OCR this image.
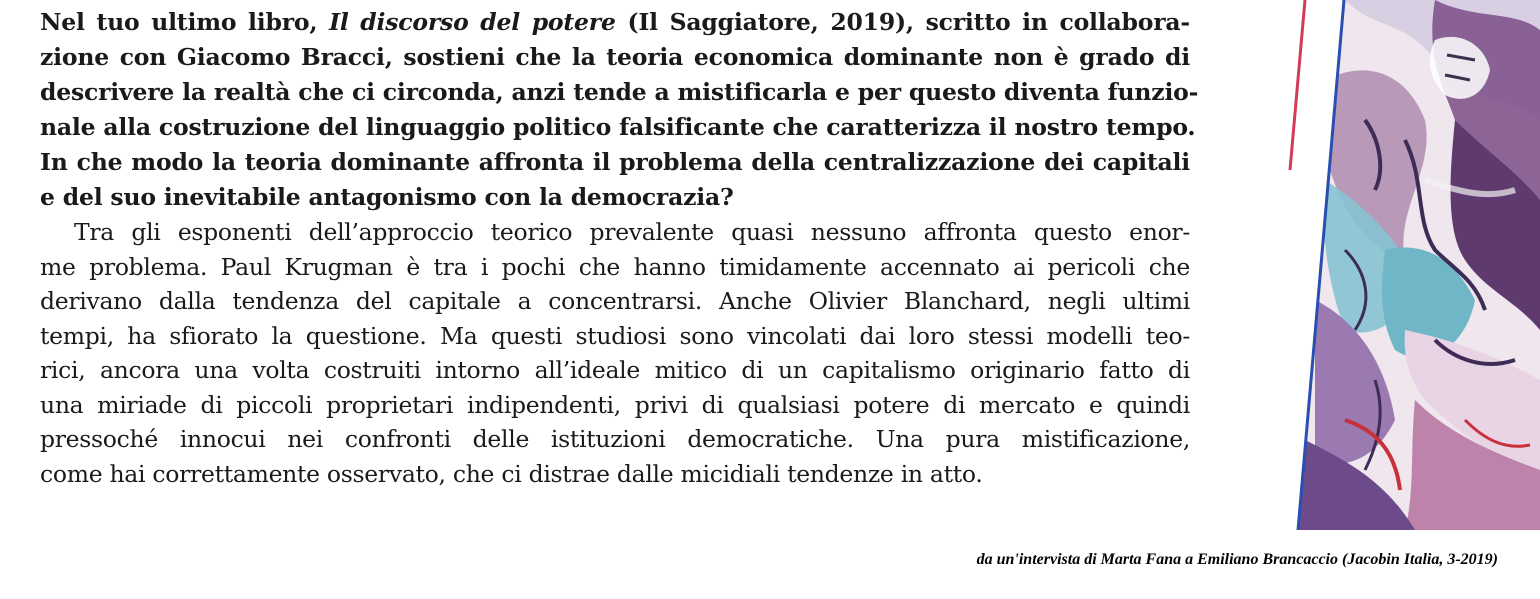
Nel tuo ultimo libro, Il discorso del potere (Il Saggiatore, 2019), scritto in collabora-
zione con Giacomo Bracci, sostieni che la teoria economica dominante non è grado di
descrivere la realtà che ci circonda, anzi tende a mistificarla e per questo diventa funzio-
nale alla costruzione del linguaggio politico falsificante che caratterizza il nostro tempo.
In che modo la teoria dominante affronta il problema della centralizzazione dei capitali
e del suo inevitabile antagonismo con la democrazia?

Tra gli esponenti dell’approccio teorico prevalente quasi nessuno affronta questo enor-
me problema. Paul Krugman è tra i pochi che hanno timidamente accennato ai pericoli che
derivano dalla tendenza del capitale a concentrarsi. Anche Olivier Blanchard, negli ultimi
tempi, ha sfiorato la questione. Ma questi studiosi sono vincolati dai loro stessi modelli teo-
rici, ancora una volta costruiti intorno all’ideale mitico di un capitalismo originario fatto di
una miriade di piccoli proprietari indipendenti, privi di qualsiasi potere di mercato e quindi
pressoché innocui nei confronti delle istituzioni democratiche. Una pura mistificazione,
come hai correttamente osservato, che ci distrae dalle micidiali tendenze in atto.

da un'intervista di Marta Fana a Emiliano Brancaccio (Jacobin Italia, 3-2019)
